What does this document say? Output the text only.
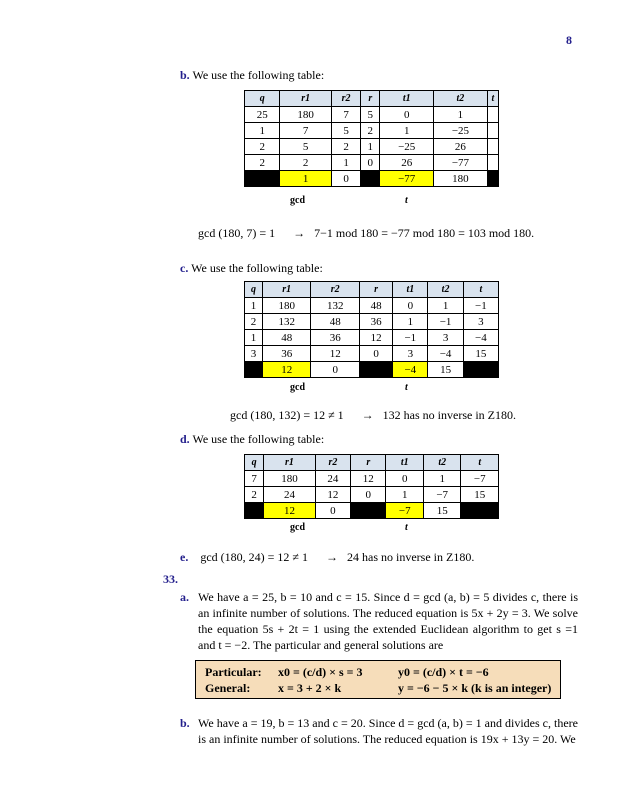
8
b. We use the following table:
q	r1	r2	r	t1	t2	t
25	180	7	5	0	1	
1	7	5	2	1	−25	
2	5	2	1	−25	26	
2	2	1	0	26	−77	
	1	0		−77	180	
gcd	t
gcd (180, 7) = 1 → 7−1 mod 180 = −77 mod 180 = 103 mod 180.
c. We use the following table:
q	r1	r2	r	t1	t2	t
1	180	132	48	0	1	−1
2	132	48	36	1	−1	3
1	48	36	12	−1	3	−4
3	36	12	0	3	−4	15
	12	0		−4	15	
gcd	t
gcd (180, 132) = 12 ≠ 1 → 132 has no inverse in Z180.
d. We use the following table:
q	r1	r2	r	t1	t2	t
7	180	24	12	0	1	−7
2	24	12	0	1	−7	15
	12	0		−7	15	
gcd	t
e. gcd (180, 24) = 12 ≠ 1 → 24 has no inverse in Z180.
33.
a. We have a = 25, b = 10 and c = 15. Since d = gcd (a, b) = 5 divides c, there is an infinite number of solutions. The reduced equation is 5x + 2y = 3. We solve the equation 5s + 2t = 1 using the extended Euclidean algorithm to get s =1 and t = −2. The particular and general solutions are
Particular: x0 = (c/d) × s = 3	y0 = (c/d) × t = −6
General: x = 3 + 2 × k	y = −6 − 5 × k (k is an integer)
b. We have a = 19, b = 13 and c = 20. Since d = gcd (a, b) = 1 and divides c, there is an infinite number of solutions. The reduced equation is 19x + 13y = 20. We
